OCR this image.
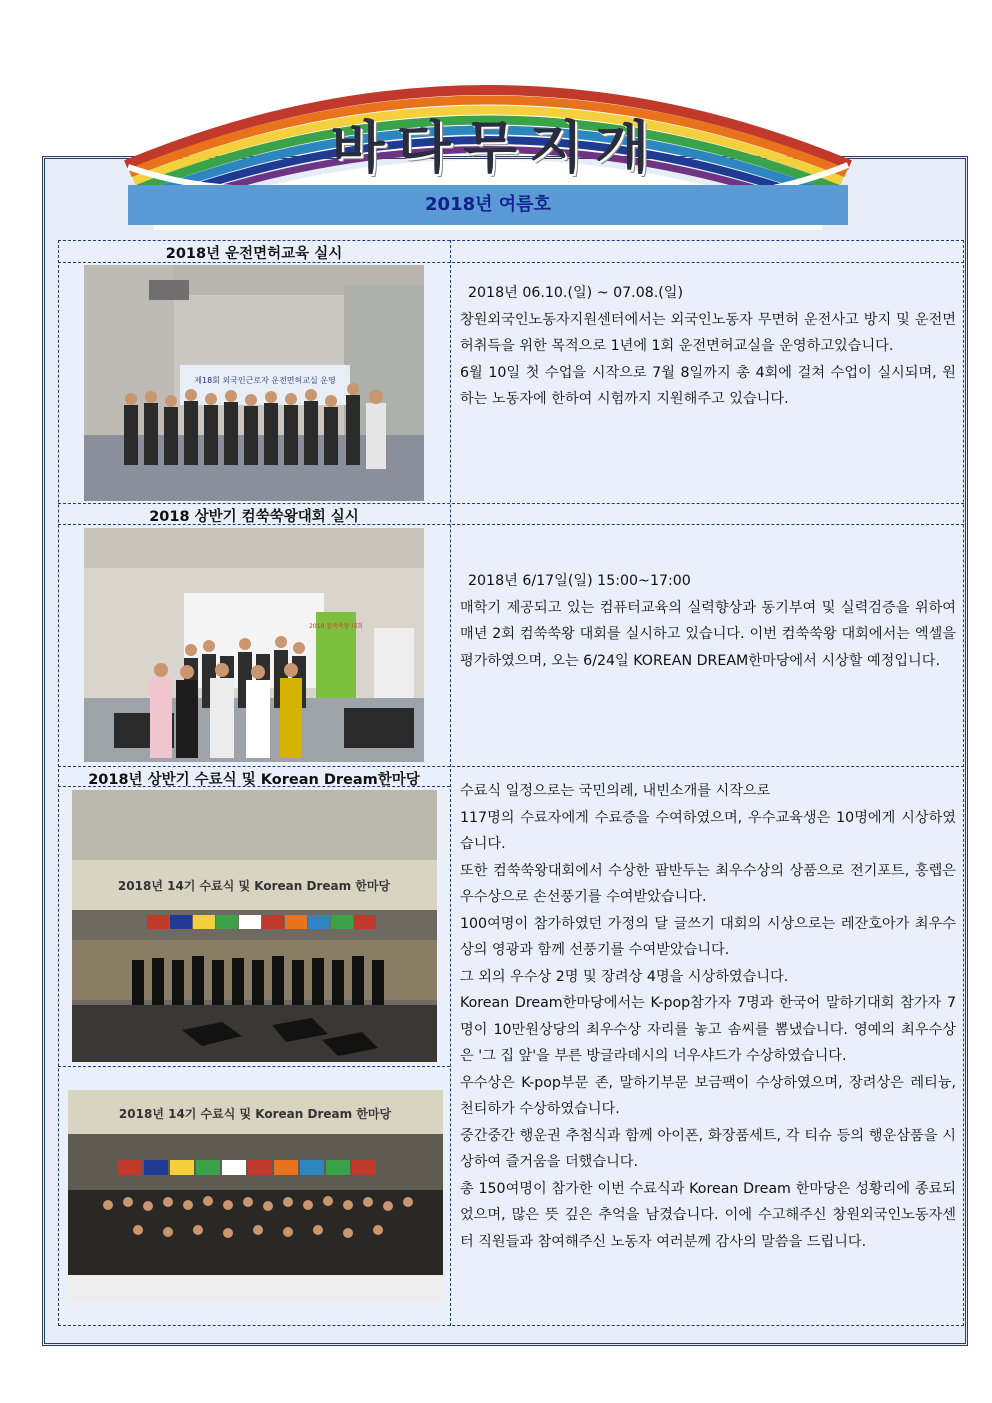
바다무지개
2018년 여름호
2018년 운전면허교육 실시
제18회 외국인근로자 운전면허교실 운영

2018년 06.10.(일) ~ 07.08.(일)

창원외국인노동자지원센터에서는 외국인노동자 무면허 운전사고 방지 및 운전면허취득을 위한 목적으로 1년에 1회 운전면허교실을 운영하고있습니다.

6월 10일 첫 수업을 시작으로 7월 8일까지 총 4회에 걸쳐 수업이 실시되며, 원하는 노동자에 한하여 시험까지 지원해주고 있습니다.

2018 상반기 컴쑥쑥왕대회 실시
2018 컴쑥쑥왕 대회

2018년 6/17일(일) 15:00~17:00

매학기 제공되고 있는 컴퓨터교육의 실력향상과 동기부여 및 실력검증을 위하여 매년 2회 컴쑥쑥왕 대회를 실시하고 있습니다. 이번 컴쑥쑥왕 대회에서는 엑셀을 평가하였으며, 오는 6/24일 KOREAN DREAM한마당에서 시상할 예정입니다.

2018년 상반기 수료식 및 Korean Dream한마당
2018년 14기 수료식 및 Korean Dream 한마당
2018년 14기 수료식 및 Korean Dream 한마당

수료식 일정으로는 국민의례, 내빈소개를 시작으로

117명의 수료자에게 수료증을 수여하였으며, 우수교육생은 10명에게 시상하였습니다.

또한 컴쑥쑥왕대회에서 수상한 팜반두는 최우수상의 상품으로 전기포트, 홍렙은 우수상으로 손선풍기를 수여받았습니다.

100여명이 참가하였던 가정의 달 글쓰기 대회의 시상으로는 레잔호아가 최우수상의 영광과 함께 선풍기를 수여받았습니다.

그 외의 우수상 2명 및 장려상 4명을 시상하였습니다.

Korean Dream한마당에서는 K-pop참가자 7명과 한국어 말하기대회 참가자 7명이 10만원상당의 최우수상 자리를 놓고 솜씨를 뽐냈습니다. 영예의 최우수상은 '그 집 앞'을 부른 방글라데시의 너우샤드가 수상하였습니다.

우수상은 K-pop부문 존, 말하기부문 보금팩이 수상하였으며, 장려상은 레티늉, 천티하가 수상하였습니다.

중간중간 행운권 추첨식과 함께 아이폰, 화장품세트, 각 티슈 등의 행운삼품을 시상하여 즐거움을 더했습니다.

총 150여명이 참가한 이번 수료식과 Korean Dream 한마당은 성황리에 종료되었으며, 많은 뜻 깊은 추억을 남겼습니다. 이에 수고해주신 창원외국인노동자센터 직원들과 참여해주신 노동자 여러분께 감사의 말씀을 드립니다.
